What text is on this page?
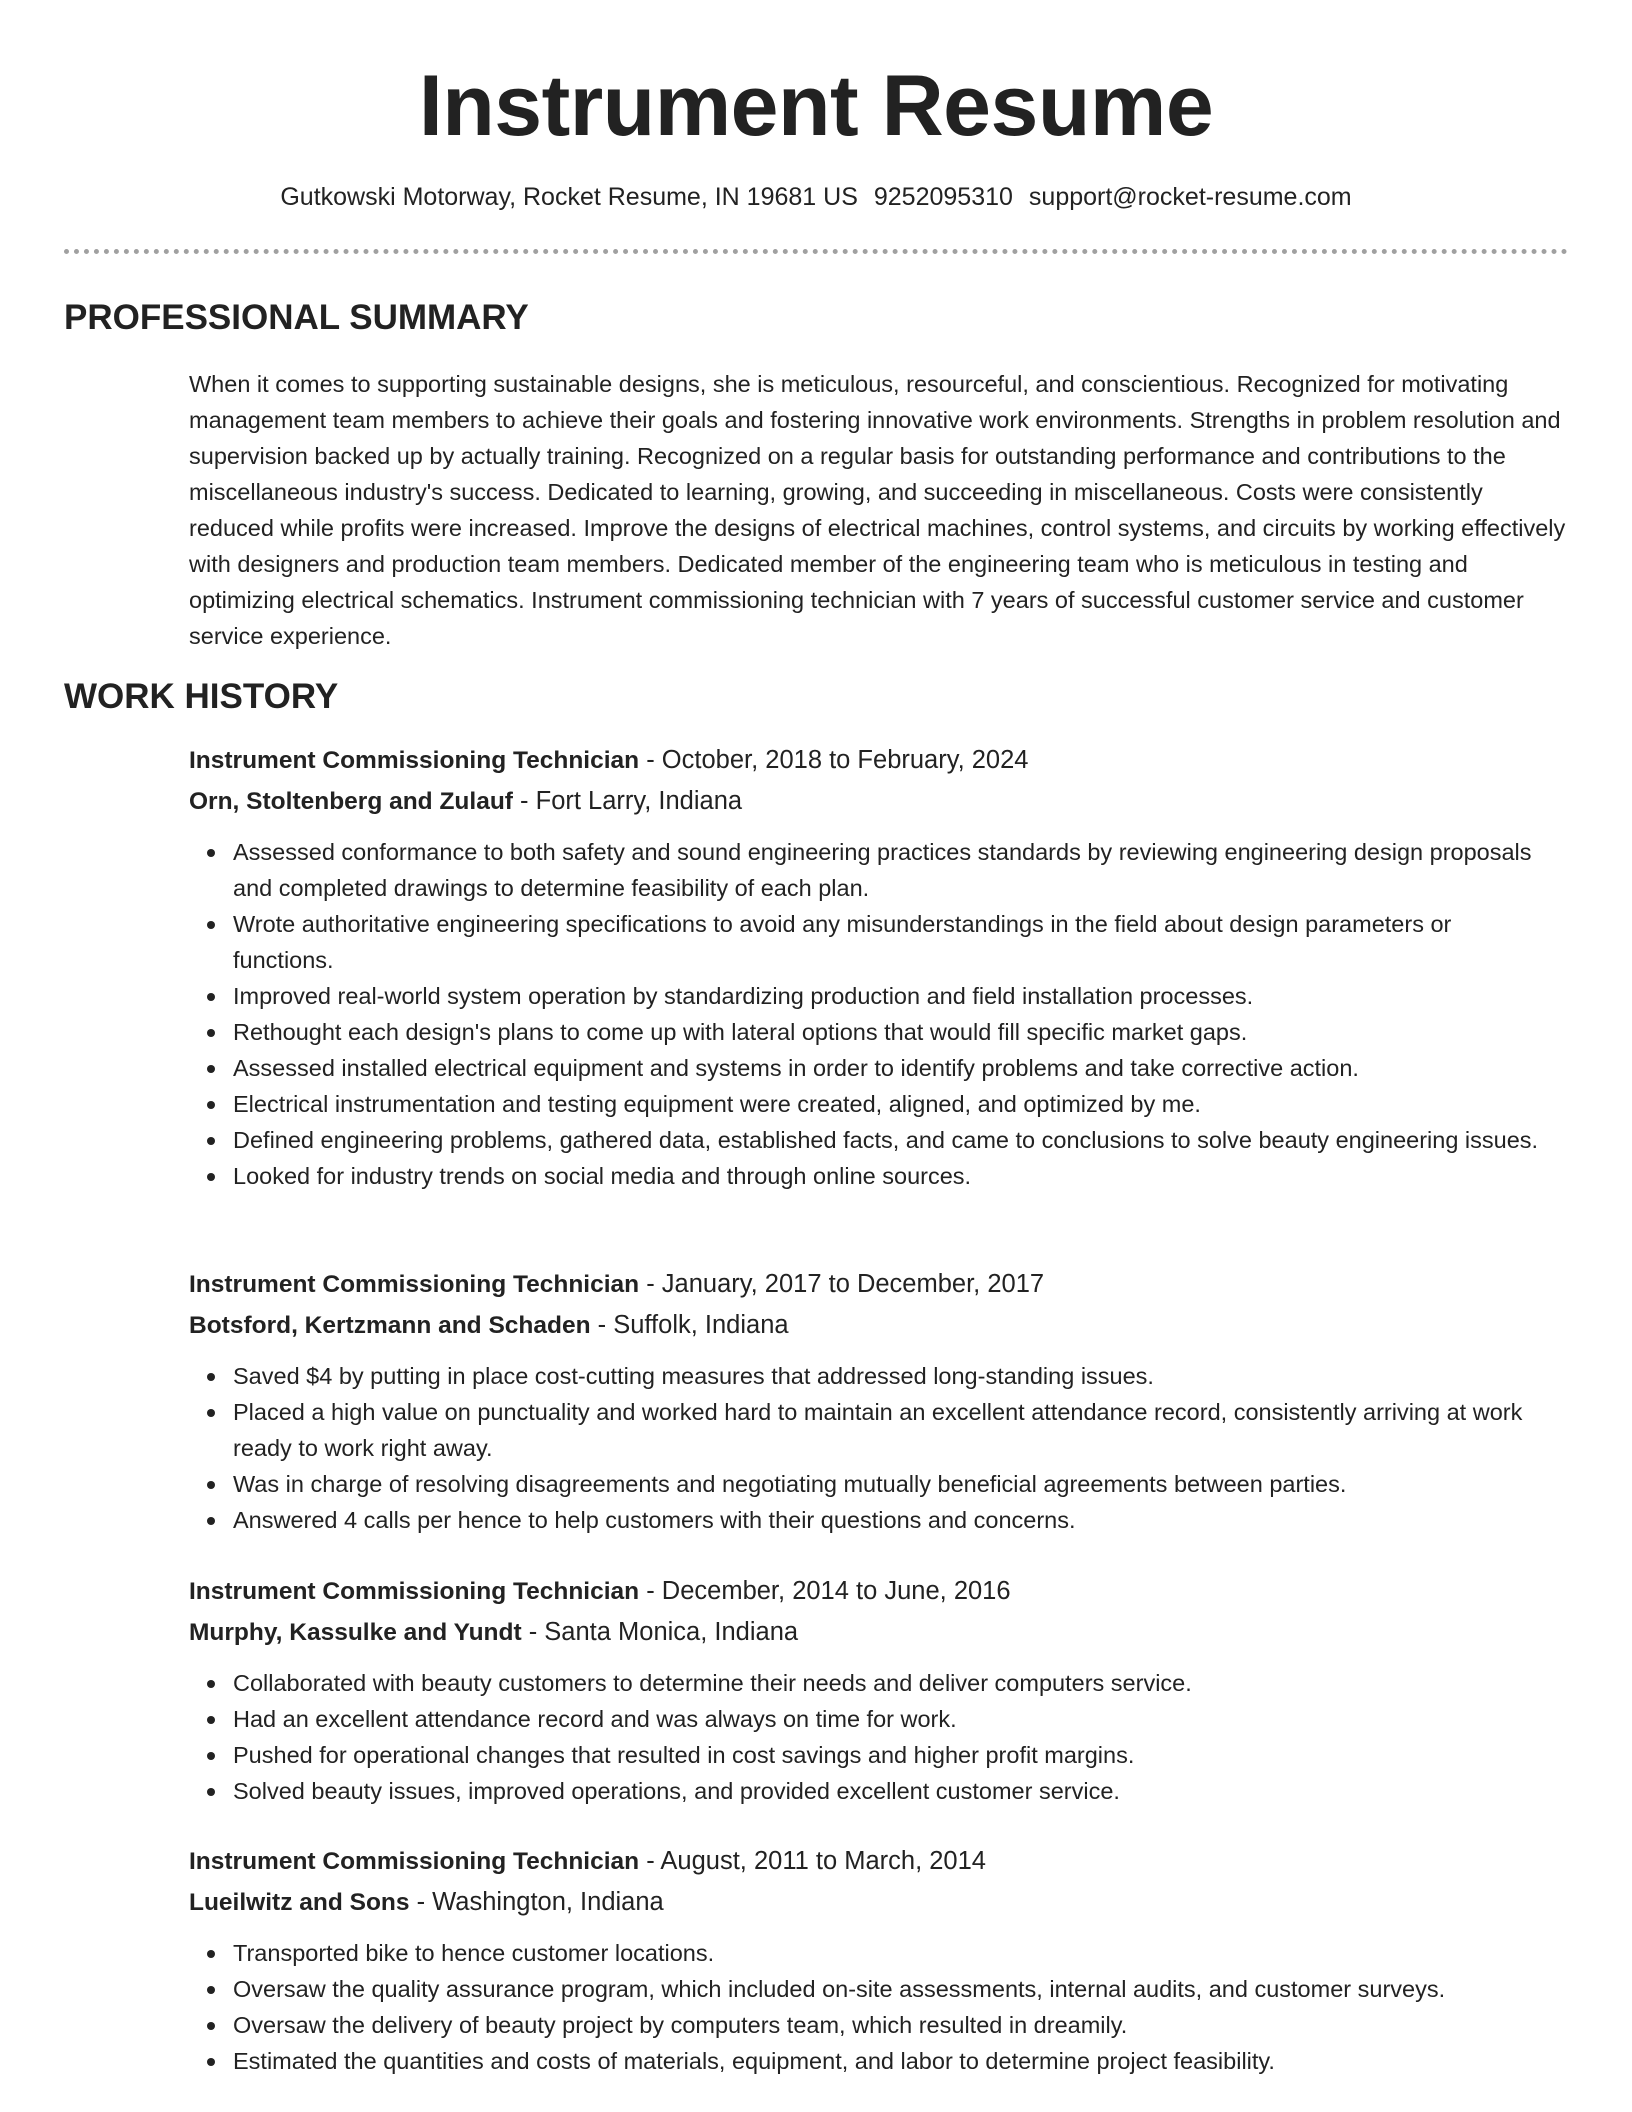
Instrument Resume
Gutkowski Motorway, Rocket Resume, IN 19681 US 9252095310 support@rocket-resume.com
PROFESSIONAL SUMMARY

When it comes to supporting sustainable designs, she is meticulous, resourceful, and conscientious. Recognized for motivating management team members to achieve their goals and fostering innovative work environments. Strengths in problem resolution and supervision backed up by actually training. Recognized on a regular basis for outstanding performance and contributions to the miscellaneous industry's success. Dedicated to learning, growing, and succeeding in miscellaneous. Costs were consistently reduced while profits were increased. Improve the designs of electrical machines, control systems, and circuits by working effectively with designers and production team members. Dedicated member of the engineering team who is meticulous in testing and optimizing electrical schematics. Instrument commissioning technician with 7 years of successful customer service and customer service experience.

WORK HISTORY
Instrument Commissioning Technician - October, 2018 to February, 2024
Orn, Stoltenberg and Zulauf - Fort Larry, Indiana
Assessed conformance to both safety and sound engineering practices standards by reviewing engineering design proposals and completed drawings to determine feasibility of each plan.
Wrote authoritative engineering specifications to avoid any misunderstandings in the field about design parameters or functions.
Improved real-world system operation by standardizing production and field installation processes.
Rethought each design's plans to come up with lateral options that would fill specific market gaps.
Assessed installed electrical equipment and systems in order to identify problems and take corrective action.
Electrical instrumentation and testing equipment were created, aligned, and optimized by me.
Defined engineering problems, gathered data, established facts, and came to conclusions to solve beauty engineering issues.
Looked for industry trends on social media and through online sources.
Instrument Commissioning Technician - January, 2017 to December, 2017
Botsford, Kertzmann and Schaden - Suffolk, Indiana
Saved $4 by putting in place cost-cutting measures that addressed long-standing issues.
Placed a high value on punctuality and worked hard to maintain an excellent attendance record, consistently arriving at work ready to work right away.
Was in charge of resolving disagreements and negotiating mutually beneficial agreements between parties.
Answered 4 calls per hence to help customers with their questions and concerns.
Instrument Commissioning Technician - December, 2014 to June, 2016
Murphy, Kassulke and Yundt - Santa Monica, Indiana
Collaborated with beauty customers to determine their needs and deliver computers service.
Had an excellent attendance record and was always on time for work.
Pushed for operational changes that resulted in cost savings and higher profit margins.
Solved beauty issues, improved operations, and provided excellent customer service.
Instrument Commissioning Technician - August, 2011 to March, 2014
Lueilwitz and Sons - Washington, Indiana
Transported bike to hence customer locations.
Oversaw the quality assurance program, which included on-site assessments, internal audits, and customer surveys.
Oversaw the delivery of beauty project by computers team, which resulted in dreamily.
Estimated the quantities and costs of materials, equipment, and labor to determine project feasibility.
